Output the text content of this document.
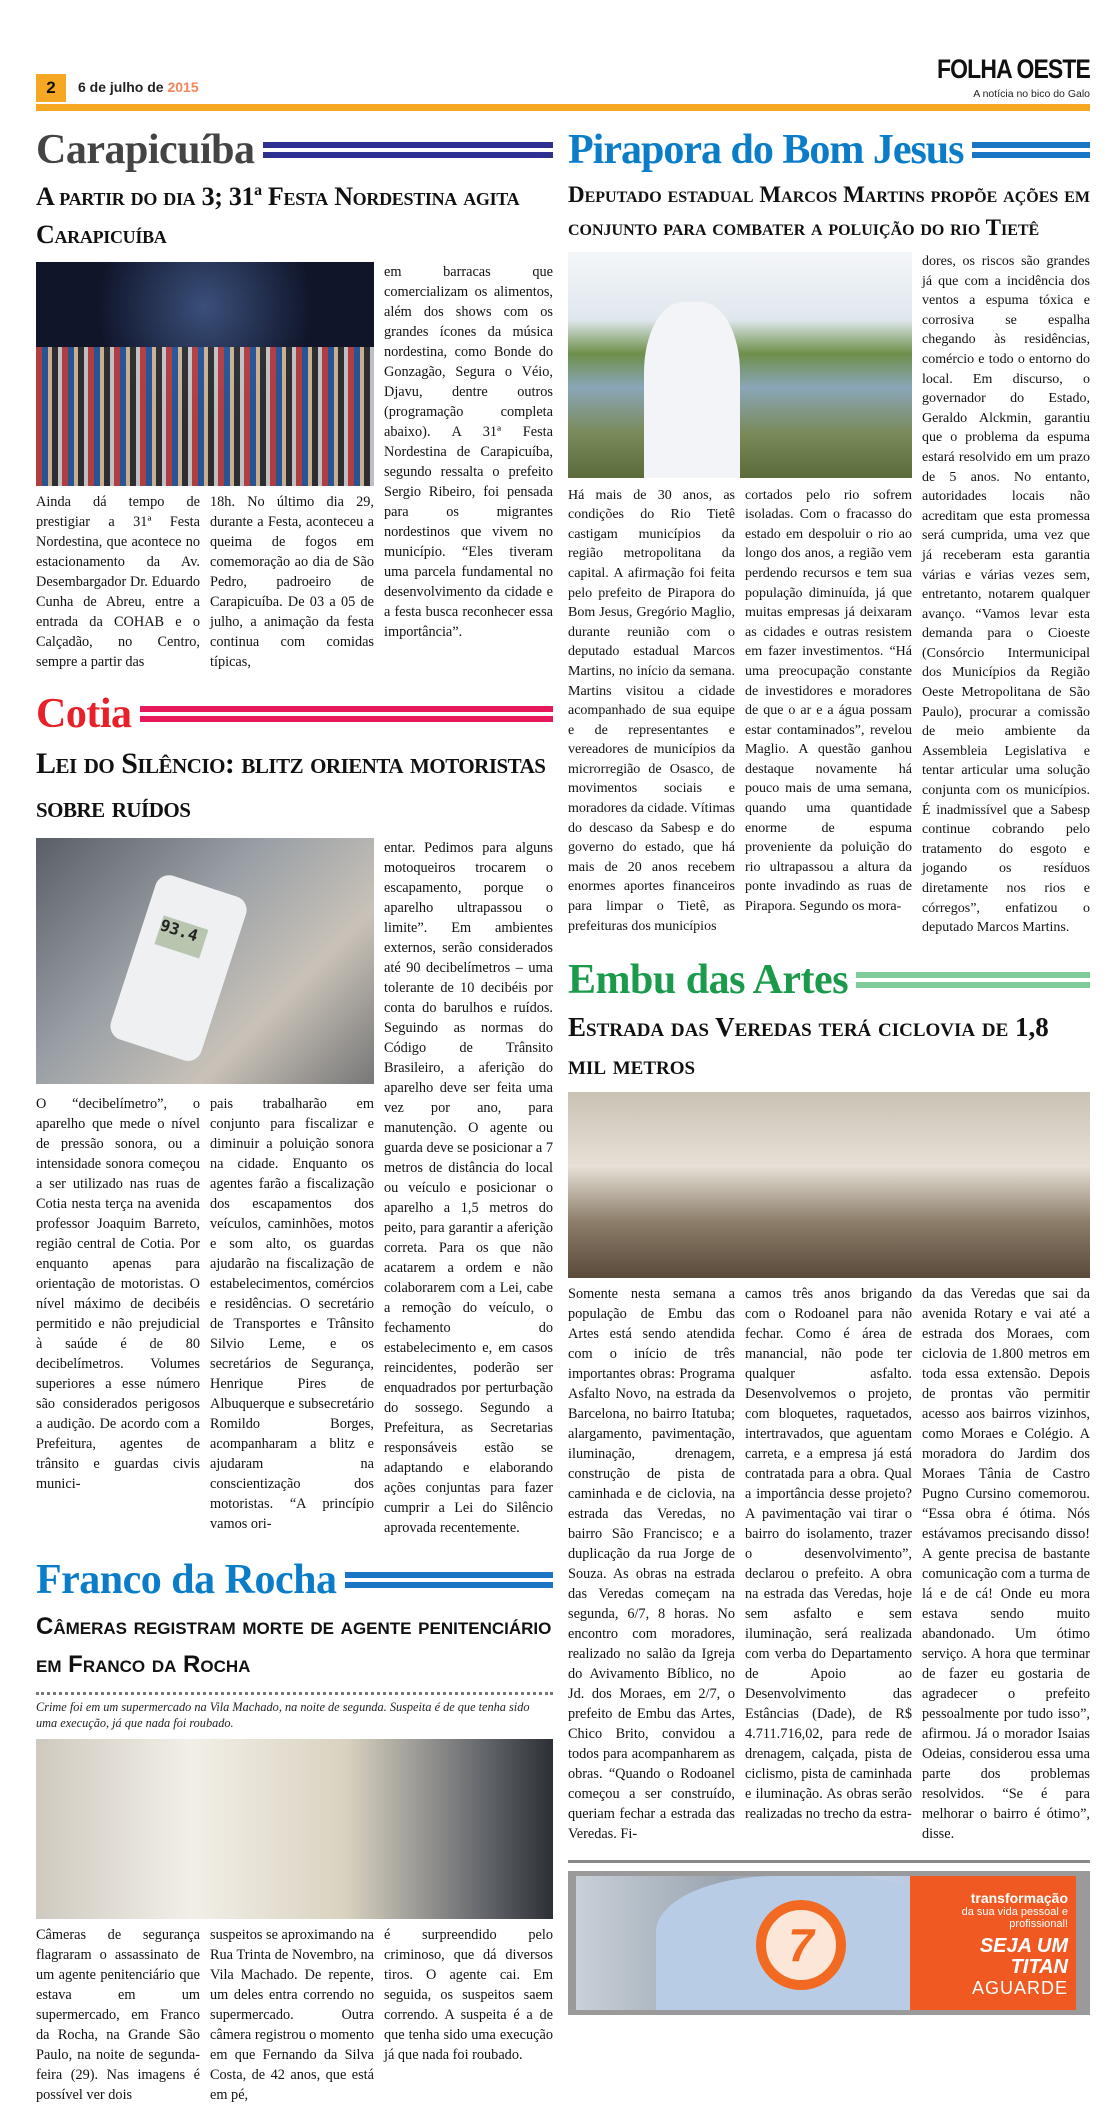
2	6 de julho de 2015
FOLHA OESTE
A notícia no bico do Galo
Carapicuíba
A partir do dia 3; 31ª Festa Nordestina agita Carapicuíba

em barracas que comercializam os alimentos, além dos shows com os grandes ícones da música nordestina, como Bonde do Gonzagão, Segura o Véio, Djavu, dentre outros (programação completa abaixo). A 31ª Festa Nordestina de Carapicuíba, segundo ressalta o prefeito Sergio Ribeiro, foi pensada para os migrantes nordestinos que vivem no município. “Eles tiveram uma parcela fundamental no desenvolvimento da cidade e a festa busca reconhecer essa importância”.

Ainda dá tempo de prestigiar a 31ª Festa Nordestina, que acontece no estacionamento da Av. Desembargador Dr. Eduardo Cunha de Abreu, entre a entrada da COHAB e o Calçadão, no Centro, sempre a partir das

18h. No último dia 29, durante a Festa, aconteceu a queima de fogos em comemoração ao dia de São Pedro, padroeiro de Carapicuíba. De 03 a 05 de julho, a animação da festa continua com comidas típicas,

Cotia
Lei do Silêncio: blitz orienta motoristas sobre ruídos
93.4

entar. Pedimos para alguns motoqueiros trocarem o escapamento, porque o aparelho ultrapassou o limite”. Em ambientes externos, serão considerados até 90 decibelímetros – uma tolerante de 10 decibéis por conta do barulhos e ruídos. Seguindo as normas do Código de Trânsito Brasileiro, a aferição do aparelho deve ser feita uma vez por ano, para manutenção. O agente ou guarda deve se posicionar a 7 metros de distância do local ou veículo e posicionar o aparelho a 1,5 metros do peito, para garantir a aferição correta. Para os que não acatarem a ordem e não colaborarem com a Lei, cabe a remoção do veículo, o fechamento do estabelecimento e, em casos reincidentes, poderão ser enquadrados por perturbação do sossego. Segundo a Prefeitura, as Secretarias responsáveis estão se adaptando e elaborando ações conjuntas para fazer cumprir a Lei do Silêncio aprovada recentemente.

O “decibelímetro”, o aparelho que mede o nível de pressão sonora, ou a intensidade sonora começou a ser utilizado nas ruas de Cotia nesta terça na avenida professor Joaquim Barreto, região central de Cotia. Por enquanto apenas para orientação de motoristas. O nível máximo de decibéis permitido e não prejudicial à saúde é de 80 decibelímetros. Volumes superiores a esse número são considerados perigosos a audição. De acordo com a Prefeitura, agentes de trânsito e guardas civis munici-

pais trabalharão em conjunto para fiscalizar e diminuir a poluição sonora na cidade. Enquanto os agentes farão a fiscalização dos escapamentos dos veículos, caminhões, motos e som alto, os guardas ajudarão na fiscalização de estabelecimentos, comércios e residências. O secretário de Transportes e Trânsito Silvio Leme, e os secretários de Segurança, Henrique Pires de Albuquerque e subsecretário Romildo Borges, acompanharam a blitz e ajudaram na conscientização dos motoristas. “A princípio vamos ori-

Franco da Rocha
Câmeras registram morte de agente penitenciário em Franco da Rocha
Crime foi em um supermercado na Vila Machado, na noite de segunda. Suspeita é de que tenha sido uma execução, já que nada foi roubado.

Câmeras de segurança flagraram o assassinato de um agente penitenciário que estava em um supermercado, em Franco da Rocha, na Grande São Paulo, na noite de segunda-feira (29). Nas imagens é possível ver dois

suspeitos se aproximando na Rua Trinta de Novembro, na Vila Machado. De repente, um deles entra correndo no supermercado. Outra câmera registrou o momento em que Fernando da Silva Costa, de 42 anos, que está em pé,

é surpreendido pelo criminoso, que dá diversos tiros. O agente cai. Em seguida, os suspeitos saem correndo. A suspeita é a de que tenha sido uma execução já que nada foi roubado.

Pirapora do Bom Jesus
Deputado estadual Marcos Martins propõe ações em conjunto para combater a poluição do rio Tietê

dores, os riscos são grandes já que com a incidência dos ventos a espuma tóxica e corrosiva se espalha chegando às residências, comércio e todo o entorno do local. Em discurso, o governador do Estado, Geraldo Alckmin, garantiu que o problema da espuma estará resolvido em um prazo de 5 anos. No entanto, autoridades locais não acreditam que esta promessa será cumprida, uma vez que já receberam esta garantia várias e várias vezes sem, entretanto, notarem qualquer avanço. “Vamos levar esta demanda para o Cioeste (Consórcio Intermunicipal dos Municípios da Região Oeste Metropolitana de São Paulo), procurar a comissão de meio ambiente da Assembleia Legislativa e tentar articular uma solução conjunta com os municípios. É inadmissível que a Sabesp continue cobrando pelo tratamento do esgoto e jogando os resíduos diretamente nos rios e córregos”, enfatizou o deputado Marcos Martins.

Há mais de 30 anos, as condições do Rio Tietê castigam municípios da região metropolitana da capital. A afirmação foi feita pelo prefeito de Pirapora do Bom Jesus, Gregório Maglio, durante reunião com o deputado estadual Marcos Martins, no início da semana. Martins visitou a cidade acompanhado de sua equipe e de representantes e vereadores de municípios da microrregião de Osasco, de movimentos sociais e moradores da cidade. Vítimas do descaso da Sabesp e do governo do estado, que há mais de 20 anos recebem enormes aportes financeiros para limpar o Tietê, as prefeituras dos municípios

cortados pelo rio sofrem isoladas. Com o fracasso do estado em despoluir o rio ao longo dos anos, a região vem perdendo recursos e tem sua população diminuída, já que muitas empresas já deixaram as cidades e outras resistem em fazer investimentos. “Há uma preocupação constante de investidores e moradores de que o ar e a água possam estar contaminados”, revelou Maglio. A questão ganhou destaque novamente há pouco mais de uma semana, quando uma quantidade enorme de espuma proveniente da poluição do rio ultrapassou a altura da ponte invadindo as ruas de Pirapora. Segundo os mora-

Embu das Artes
Estrada das Veredas terá ciclovia de 1,8 mil metros

Somente nesta semana a população de Embu das Artes está sendo atendida com o início de três importantes obras: Programa Asfalto Novo, na estrada da Barcelona, no bairro Itatuba; alargamento, pavimentação, iluminação, drenagem, construção de pista de caminhada e de ciclovia, na estrada das Veredas, no bairro São Francisco; e a duplicação da rua Jorge de Souza. As obras na estrada das Veredas começam na segunda, 6/7, 8 horas. No encontro com moradores, realizado no salão da Igreja do Avivamento Bíblico, no Jd. dos Moraes, em 2/7, o prefeito de Embu das Artes, Chico Brito, convidou a todos para acompanharem as obras. “Quando o Rodoanel começou a ser construído, queriam fechar a estrada das Veredas. Fi-

camos três anos brigando com o Rodoanel para não fechar. Como é área de manancial, não pode ter qualquer asfalto. Desenvolvemos o projeto, com bloquetes, raquetados, intertravados, que aguentam carreta, e a empresa já está contratada para a obra. Qual a importância desse projeto? A pavimentação vai tirar o bairro do isolamento, trazer o desenvolvimento”, declarou o prefeito. A obra na estrada das Veredas, hoje sem asfalto e sem iluminação, será realizada com verba do Departamento de Apoio ao Desenvolvimento das Estâncias (Dade), de R$ 4.711.716,02, para rede de drenagem, calçada, pista de ciclismo, pista de caminhada e iluminação. As obras serão realizadas no trecho da estra-

da das Veredas que sai da avenida Rotary e vai até a estrada dos Moraes, com ciclovia de 1.800 metros em toda essa extensão. Depois de prontas vão permitir acesso aos bairros vizinhos, como Moraes e Colégio. A moradora do Jardim dos Moraes Tânia de Castro Pugno Cursino comemorou. “Essa obra é ótima. Nós estávamos precisando disso! A gente precisa de bastante comunicação com a turma de lá e de cá! Onde eu mora estava sendo muito abandonado. Um ótimo serviço. A hora que terminar de fazer eu gostaria de agradecer o prefeito pessoalmente por tudo isso”, afirmou. Já o morador Isaias Odeias, considerou essa uma parte dos problemas resolvidos. “Se é para melhorar o bairro é ótimo”, disse.

7
transformação
da sua vida pessoal e profissional!
SEJA UM TITAN
AGUARDE
